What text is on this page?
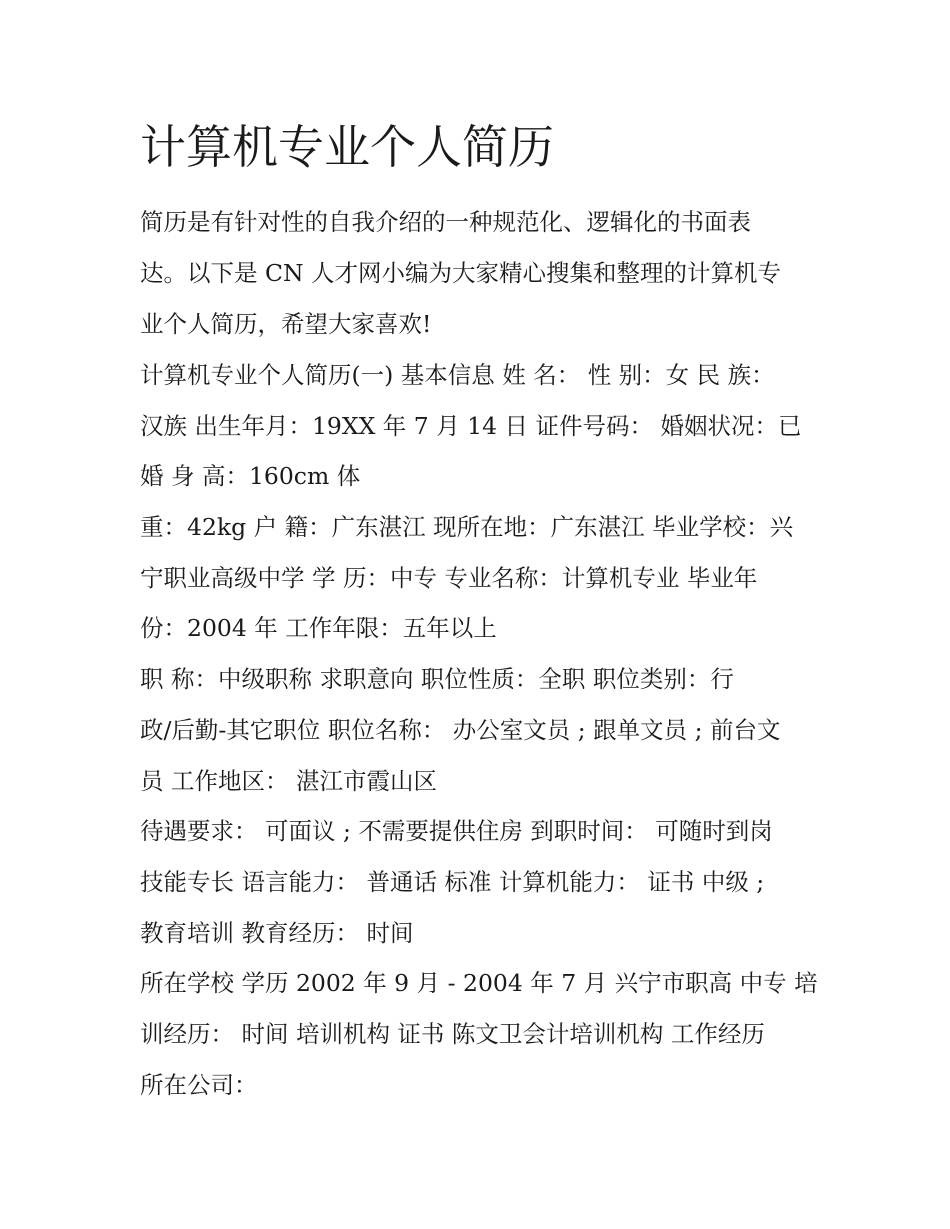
计算机专业个人简历

简历是有针对性的自我介绍的一种规范化、逻辑化的书面表

达。以下是 CN 人才网小编为大家精心搜集和整理的计算机专

业个人简历，希望大家喜欢!

计算机专业个人简历(一) 基本信息 姓 名： 性 别：女 民 族：

汉族 出生年月：19XX 年 7 月 14 日 证件号码： 婚姻状况：已

婚 身 高：160cm 体

重：42kg 户 籍：广东湛江 现所在地：广东湛江 毕业学校：兴

宁职业高级中学 学 历：中专 专业名称：计算机专业 毕业年

份：2004 年 工作年限：五年以上

职 称：中级职称 求职意向 职位性质：全职 职位类别：行

政/后勤-其它职位 职位名称： 办公室文员 ; 跟单文员 ; 前台文

员 工作地区： 湛江市霞山区

待遇要求： 可面议 ; 不需要提供住房 到职时间： 可随时到岗

技能专长 语言能力： 普通话 标准 计算机能力： 证书 中级 ;

教育培训 教育经历： 时间

所在学校 学历 2002 年 9 月 - 2004 年 7 月 兴宁市职高 中专 培

训经历： 时间 培训机构 证书 陈文卫会计培训机构 工作经历

所在公司：
